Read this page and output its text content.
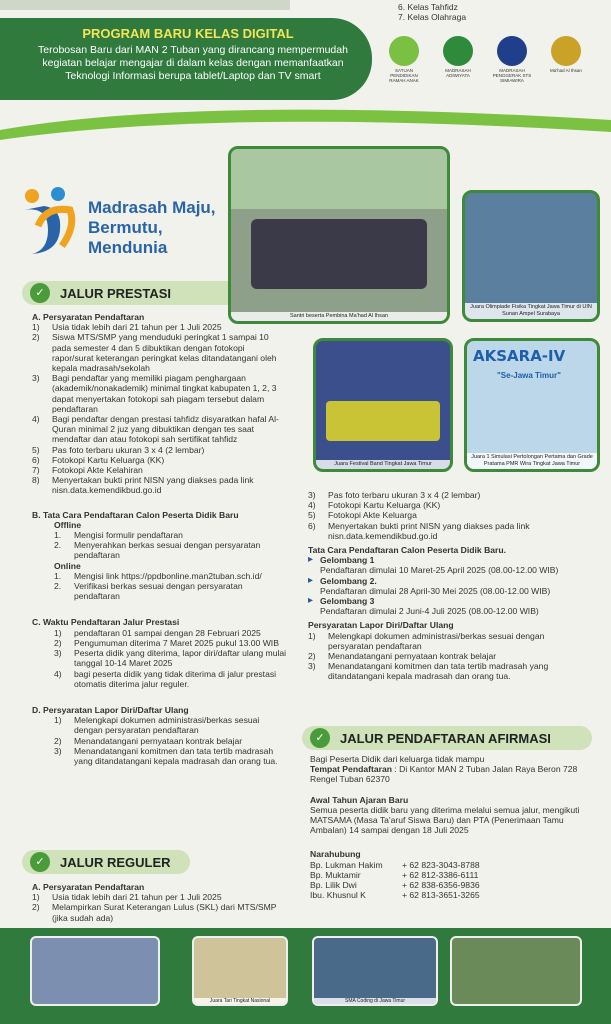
6. Kelas Tahfidz
7. Kelas Olahraga
PROGRAM BARU KELAS DIGITAL
Terobosan Baru dari MAN 2 Tuban yang dirancang mempermudah kegiatan belajar mengajar di dalam kelas dengan memanfaatkan Teknologi Informasi berupa tablet/Laptop dan TV smart	SATUAN PENDIDIKAN RAMAH ANAK
MADRASAH ADIWIYATA
MADRASAH PENGGERAK STS SIMIAWIRA
Ma'had Al Ihsan
Madrasah Maju,
Bermutu,
Mendunia
✓	JALUR PRESTASI
A. Persyaratan Pendaftaran
1)	Usia tidak lebih dari 21 tahun per 1 Juli 2025
2)	Siswa MTS/SMP yang menduduki peringkat 1 sampai 10 pada semester 4 dan 5 dibuktikan dengan fotokopi rapor/surat keterangan peringkat kelas ditandatangani oleh kepala madrasah/sekolah
3)	Bagi pendaftar yang memiliki piagam penghargaan (akademik/nonakademik) minimal tingkat kabupaten 1, 2, 3 dapat menyertakan fotokopi sah piagam tersebut dalam pendaftaran
4)	Bagi pendaftar dengan prestasi tahfidz disyaratkan hafal Al-Quran minimal 2 juz yang dibuktikan dengan tes saat mendaftar dan atau fotokopi sah sertifikat tahfidz
5)	Pas foto terbaru ukuran 3 x 4 (2 lembar)
6)	Fotokopi Kartu Keluarga (KK)
7)	Fotokopi Akte Kelahiran
8)	Menyertakan bukti print NISN yang diakses pada link nisn.data.kemendikbud.go.id
B. Tata Cara Pendaftaran Calon Peserta Didik Baru
Offline
1.	Mengisi formulir pendaftaran
2.	Menyerahkan berkas sesuai dengan persyaratan pendaftaran
Online
1.	Mengisi link https://ppdbonline.man2tuban.sch.id/
2.	Verifikasi berkas sesuai dengan persyaratan pendaftaran
C. Waktu Pendaftaran Jalur Prestasi
1)	pendaftaran 01 sampai dengan 28 Februari 2025
2)	Pengumuman diterima 7 Maret 2025 pukul 13.00 WIB
3)	Peserta didik yang diterima, lapor diri/daftar ulang mulai tanggal 10-14 Maret 2025
4)	bagi peserta didik yang tidak diterima di jalur prestasi otomatis diterima jalur reguler.
D. Persyaratan Lapor Diri/Daftar Ulang
1)	Melengkapi dokumen administrasi/berkas sesuai dengan persyaratan pendaftaran
2)	Menandatangani pernyataan kontrak belajar
3)	Menandatangani komitmen dan tata tertib madrasah yang ditandatangani kepala madrasah dan orang tua.
✓	JALUR REGULER
A. Persyaratan Pendaftaran
1)	Usia tidak lebih dari 21 tahun per 1 Juli 2025
2)	Melampirkan Surat Keterangan Lulus (SKL) dari MTS/SMP (jika sudah ada)
Santri beserta Pembina Ma'had Al Ihsan
Juara Olimpiade Fisika Tingkat Jawa Timur di UIN Sunan Ampel Surabaya
Juara Festival Band Tingkat Jawa Timur
AKSARA-IV
"Se-Jawa Timur"
Juara 1 Simulasi Pertolongan Pertama dan Grade Pratama PMR Wira Tingkat Jawa Timur
3)	Pas foto terbaru ukuran 3 x 4 (2 lembar)
4)	Fotokopi Kartu Keluarga (KK)
5)	Fotokopi Akte Keluarga
6)	Menyertakan bukti print NISN yang diakses pada link nisn.data.kemendikbud.go.id
Tata Cara Pendaftaran Calon Peserta Didik Baru.
▸ Gelombang 1
Pendaftaran dimulai 10 Maret-25 April 2025 (08.00-12.00 WIB)
▸ Gelombang 2.
Pendaftaran dimulai 28 April-30 Mei 2025 (08.00-12.00 WIB)
▸ Gelombang 3
Pendaftaran dimulai 2 Juni-4 Juli 2025 (08.00-12.00 WIB)
Persyaratan Lapor Diri/Daftar Ulang
1)	Melengkapi dokumen administrasi/berkas sesuai dengan persyaratan pendaftaran
2)	Menandatangani pernyataan kontrak belajar
3)	Menandatangani komitmen dan tata tertib madrasah yang ditandatangani kepala madrasah dan orang tua.
✓	JALUR PENDAFTARAN AFIRMASI
Bagi Peserta Didik dari keluarga tidak mampu
Tempat Pendaftaran : Di Kantor MAN 2 Tuban Jalan Raya Beron 728 Rengel Tuban 62370
Awal Tahun Ajaran Baru
Semua peserta didik baru yang diterima melalui semua jalur, mengikuti MATSAMA (Masa Ta'aruf Siswa Baru) dan PTA (Penerimaan Tamu Ambalan) 14 sampai dengan 18 Juli 2025
Narahubung
Bp. Lukman Hakim	+ 62 823-3043-8788
Bp. Muktamir	+ 62 812-3386-6111
Bp. Lilik Dwi	+ 62 838-6356-9836
Ibu. Khusnul K	+ 62 813-3651-3265
Juara Tari Tingkat Nasional	SMA Coding di Jawa Timur
